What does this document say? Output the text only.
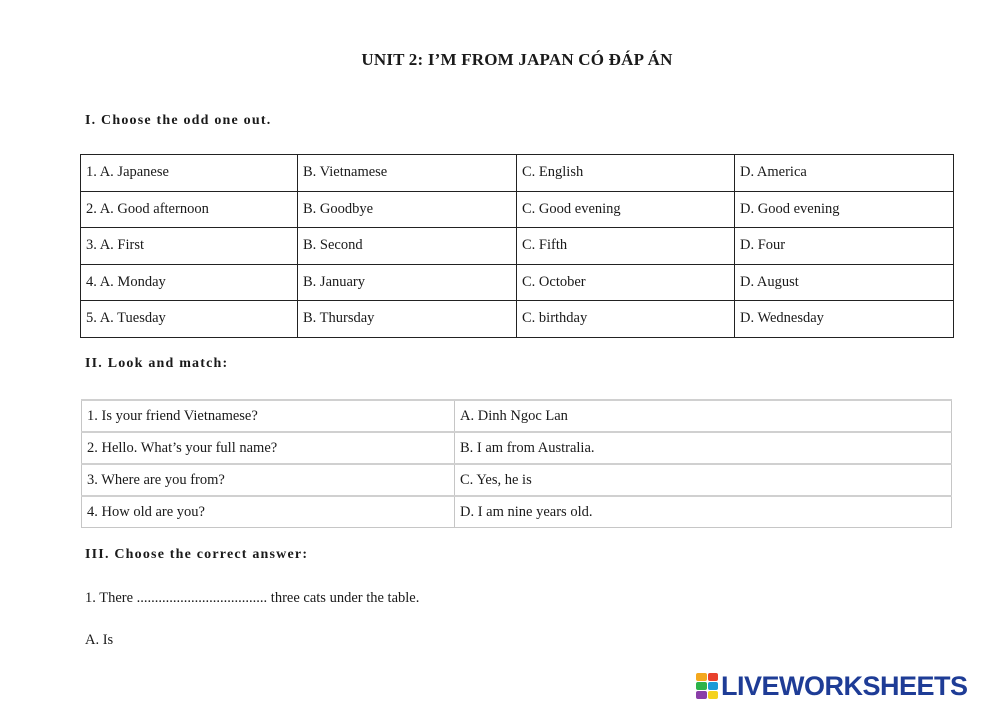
UNIT 2: I’M FROM JAPAN CÓ ĐÁP ÁN
I. Choose the odd one out.
1. A. Japanese	B. Vietnamese	C. English	D. America
2. A. Good afternoon	B. Goodbye	C. Good evening	D. Good evening
3. A. First	B. Second	C. Fifth	D. Four
4. A. Monday	B. January	C. October	D. August
5. A. Tuesday	B. Thursday	C. birthday	D. Wednesday
II. Look and match:
1. Is your friend Vietnamese?	A. Dinh Ngoc Lan
2. Hello. What’s your full name?	B. I am from Australia.
3. Where are you from?	C. Yes, he is
4. How old are you?	D. I am nine years old.
III. Choose the correct answer:
1. There .................................... three cats under the table.
A. Is
LIVEWORKSHEETS
